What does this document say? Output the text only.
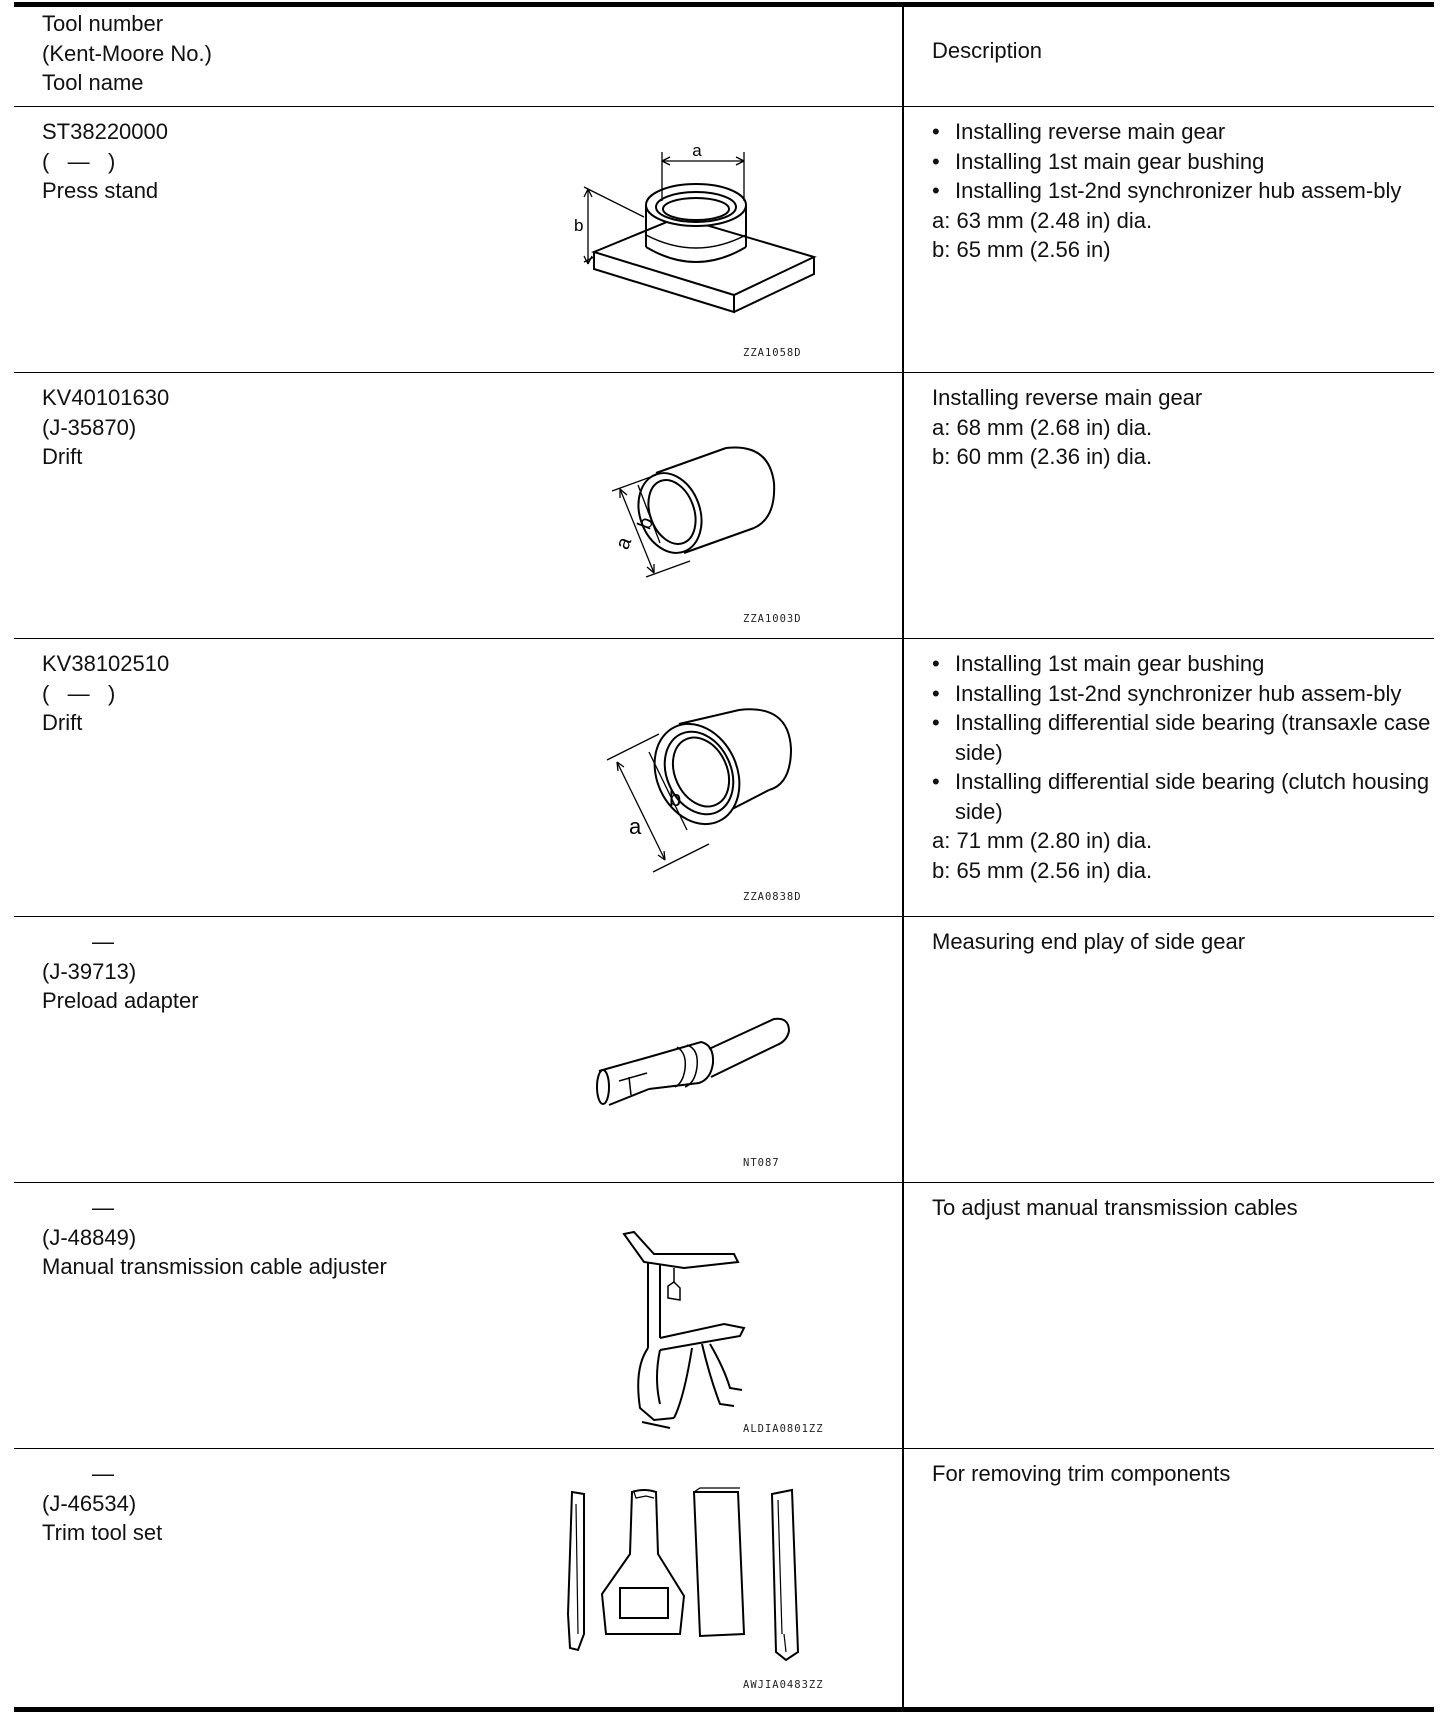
Tool number
(Kent-Moore No.)
Tool name
Description
ST38220000
(   —   )
Press stand
a
b
ZZA1058D
• Installing reverse main gear
• Installing 1st main gear bushing
• Installing 1st-2nd synchronizer hub assem-bly
a: 63 mm (2.48 in) dia.
b: 65 mm (2.56 in)
KV40101630
(J-35870)
Drift
a
b
ZZA1003D
Installing reverse main gear
a: 68 mm (2.68 in) dia.
b: 60 mm (2.36 in) dia.
KV38102510
(   —   )
Drift
a
b
ZZA0838D
• Installing 1st main gear bushing
• Installing 1st-2nd synchronizer hub assem-bly
• Installing differential side bearing (transaxle case side)
• Installing differential side bearing (clutch housing side)
a: 71 mm (2.80 in) dia.
b: 65 mm (2.56 in) dia.
—
(J-39713)
Preload adapter
NT087
Measuring end play of side gear
—
(J-48849)
Manual transmission cable adjuster
ALDIA0801ZZ
To adjust manual transmission cables
—
(J-46534)
Trim tool set
AWJIA0483ZZ
For removing trim components
